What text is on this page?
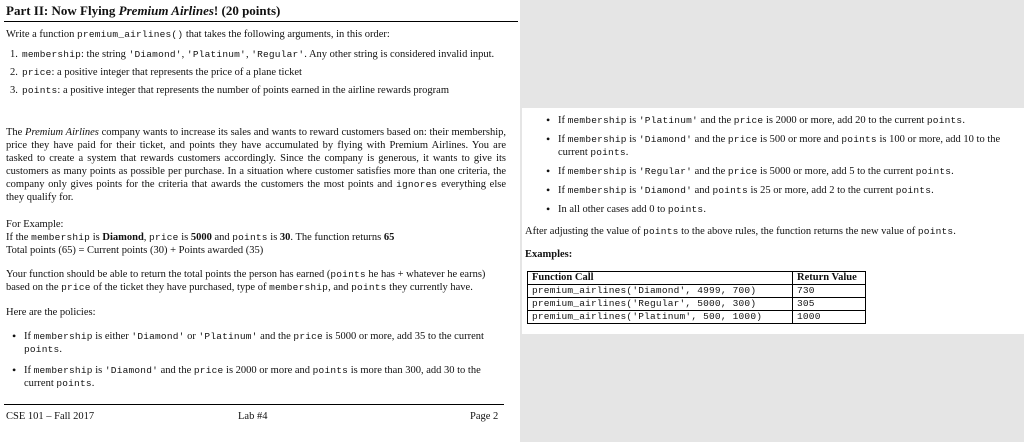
Part II: Now Flying Premium Airlines! (20 points)
Write a function premium_airlines() that takes the following arguments, in this order:
1. membership: the string 'Diamond', 'Platinum', 'Regular'. Any other string is considered invalid input.
2. price: a positive integer that represents the price of a plane ticket
3. points: a positive integer that represents the number of points earned in the airline rewards program
The Premium Airlines company wants to increase its sales and wants to reward customers based on: their membership, price they have paid for their ticket, and points they have accumulated by flying with Premium Airlines. You are tasked to create a system that rewards customers accordingly. Since the company is generous, it wants to give its customers as many points as possible per purchase. In a situation where customer satisfies more than one criteria, the company only gives points for the criteria that awards the customers the most points and ignores everything else they qualify for.
For Example:
If the membership is Diamond, price is 5000 and points is 30. The function returns 65
Total points (65) = Current points (30) + Points awarded (35)
Your function should be able to return the total points the person has earned (points he has + whatever he earns) based on the price of the ticket they have purchased, type of membership, and points they currently have.
Here are the policies:
• If membership is either 'Diamond' or 'Platinum' and the price is 5000 or more, add 35 to the current points.
• If membership is 'Diamond' and the price is 2000 or more and points is more than 300, add 30 to the current points.
CSE 101 – Fall 2017	Lab #4	Page 2
• If membership is 'Platinum' and the price is 2000 or more, add 20 to the current points.
• If membership is 'Diamond' and the price is 500 or more and points is 100 or more, add 10 to the current points.
• If membership is 'Regular' and the price is 5000 or more, add 5 to the current points.
• If membership is 'Diamond' and points is 25 or more, add 2 to the current points.
• In all other cases add 0 to points.
After adjusting the value of points to the above rules, the function returns the new value of points.
Examples:
Function Call	Return Value
premium_airlines('Diamond', 4999, 700)	730
premium_airlines('Regular', 5000, 300)	305
premium_airlines('Platinum', 500, 1000)	1000
